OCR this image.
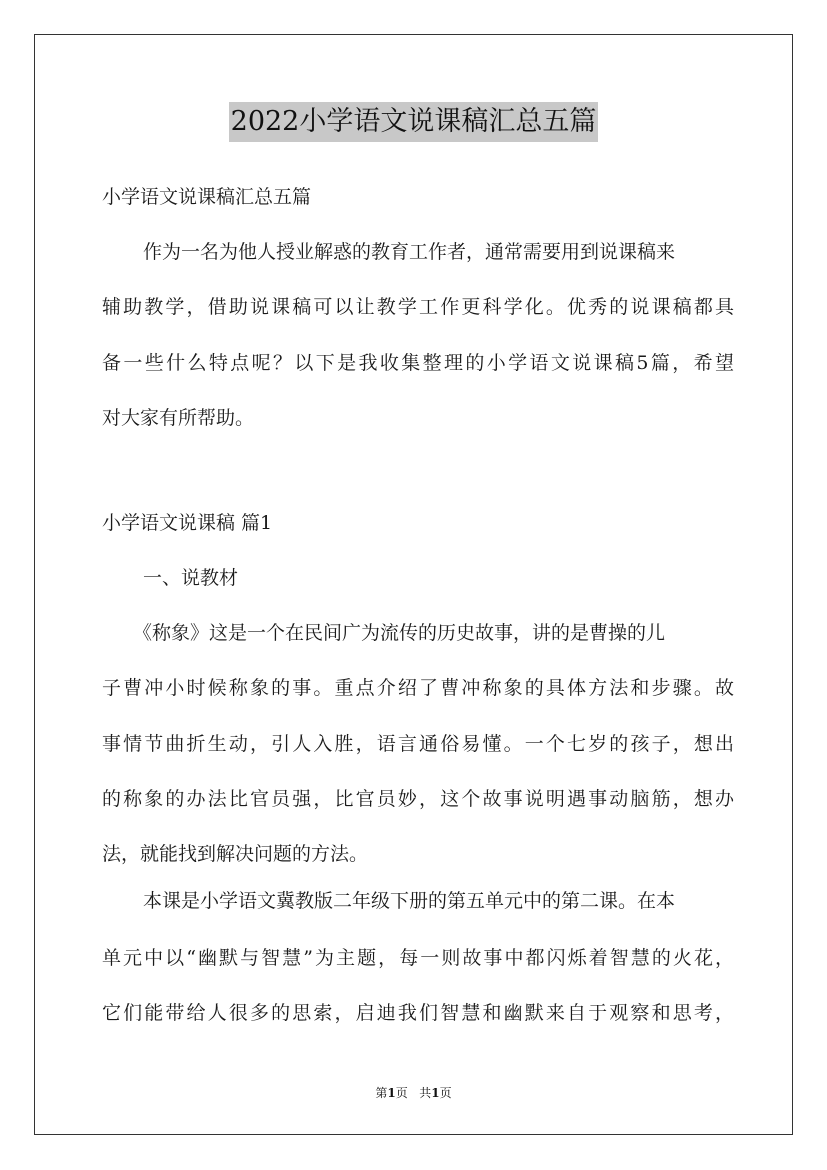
2022小学语文说课稿汇总五篇
小学语文说课稿汇总五篇
作为一名为他人授业解惑的教育工作者，通常需要用到说课稿来
辅助教学，借助说课稿可以让教学工作更科学化。优秀的说课稿都具
备一些什么特点呢？以下是我收集整理的小学语文说课稿5篇，希望
对大家有所帮助。
小学语文说课稿 篇1
一、说教材
《称象》这是一个在民间广为流传的历史故事，讲的是曹操的儿
子曹冲小时候称象的事。重点介绍了曹冲称象的具体方法和步骤。故
事情节曲折生动，引人入胜，语言通俗易懂。一个七岁的孩子，想出
的称象的办法比官员强，比官员妙，这个故事说明遇事动脑筋，想办
法，就能找到解决问题的方法。
本课是小学语文冀教版二年级下册的第五单元中的第二课。在本
单元中以“幽默与智慧”为主题，每一则故事中都闪烁着智慧的火花，
它们能带给人很多的思索，启迪我们智慧和幽默来自于观察和思考，
第1页   共1页
